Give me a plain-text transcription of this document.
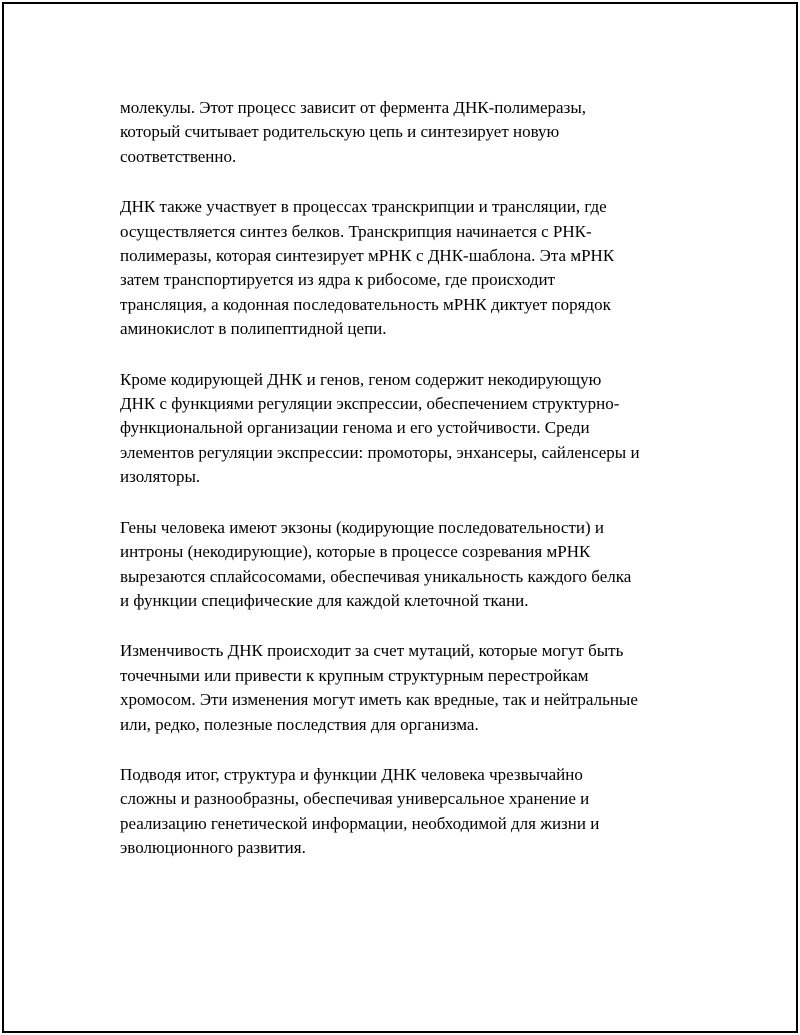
молекулы. Этот процесс зависит от фермента ДНК-полимеразы,
который считывает родительскую цепь и синтезирует новую
соответственно.
ДНК также участвует в процессах транскрипции и трансляции, где
осуществляется синтез белков. Транскрипция начинается с РНК-
полимеразы, которая синтезирует мРНК с ДНК-шаблона. Эта мРНК
затем транспортируется из ядра к рибосоме, где происходит
трансляция, а кодонная последовательность мРНК диктует порядок
аминокислот в полипептидной цепи.
Кроме кодирующей ДНК и генов, геном содержит некодирующую
ДНК с функциями регуляции экспрессии, обеспечением структурно-
функциональной организации генома и его устойчивости. Среди
элементов регуляции экспрессии: промоторы, энхансеры, сайленсеры и
изоляторы.
Гены человека имеют экзоны (кодирующие последовательности) и
интроны (некодирующие), которые в процессе созревания мРНК
вырезаются сплайсосомами, обеспечивая уникальность каждого белка
и функции специфические для каждой клеточной ткани.
Изменчивость ДНК происходит за счет мутаций, которые могут быть
точечными или привести к крупным структурным перестройкам
хромосом. Эти изменения могут иметь как вредные, так и нейтральные
или, редко, полезные последствия для организма.
Подводя итог, структура и функции ДНК человека чрезвычайно
сложны и разнообразны, обеспечивая универсальное хранение и
реализацию генетической информации, необходимой для жизни и
эволюционного развития.
